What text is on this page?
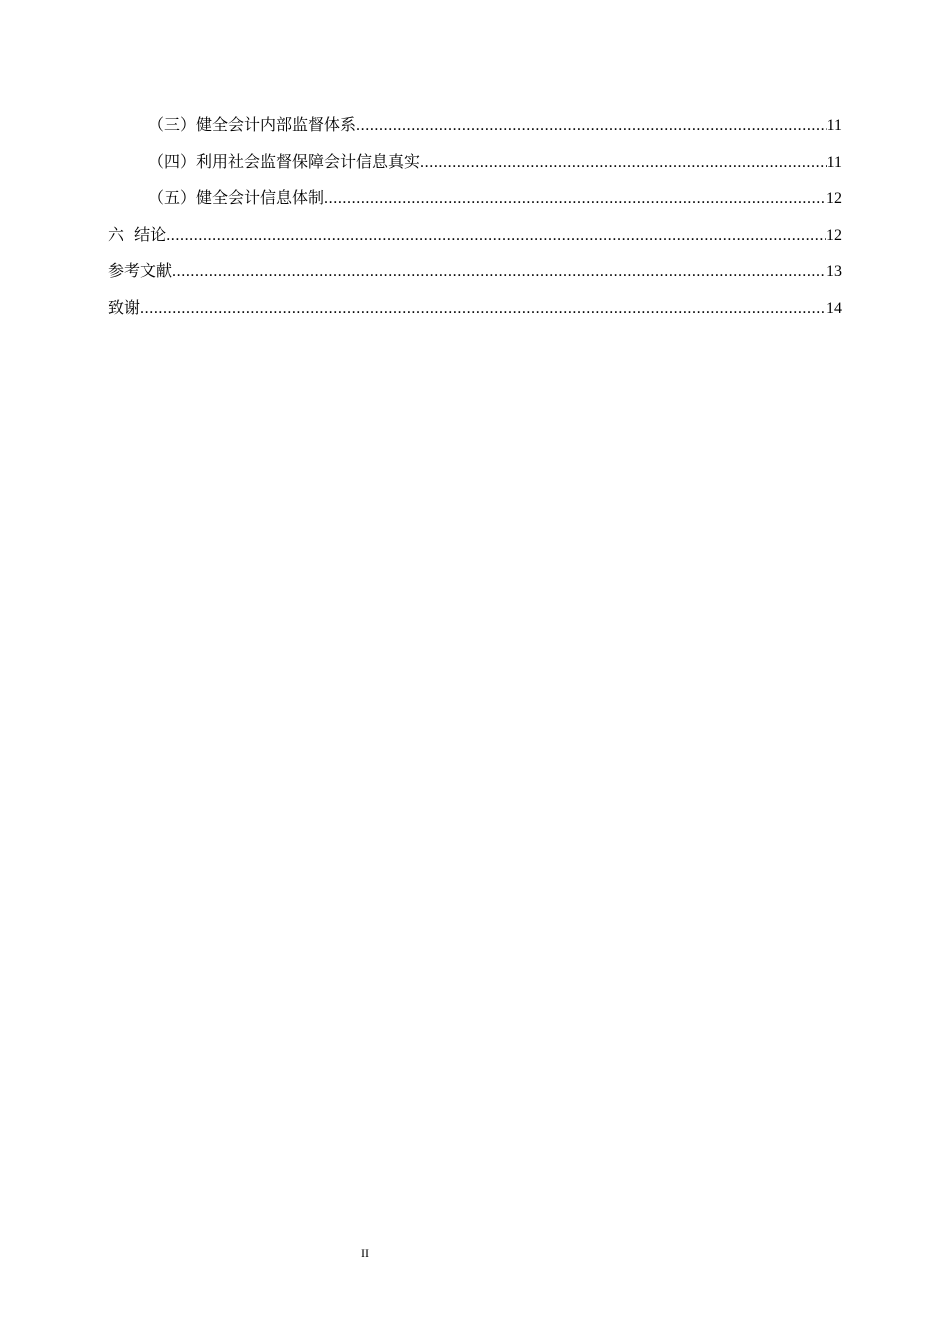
（三）健全会计内部监督体系 .....	11
（四）利用社会监督保障会计信息真实 .....	11
（五）健全会计信息体制 .....	12
六  结论 .....	12
参考文献 .....	13
致谢 .....	14
II
